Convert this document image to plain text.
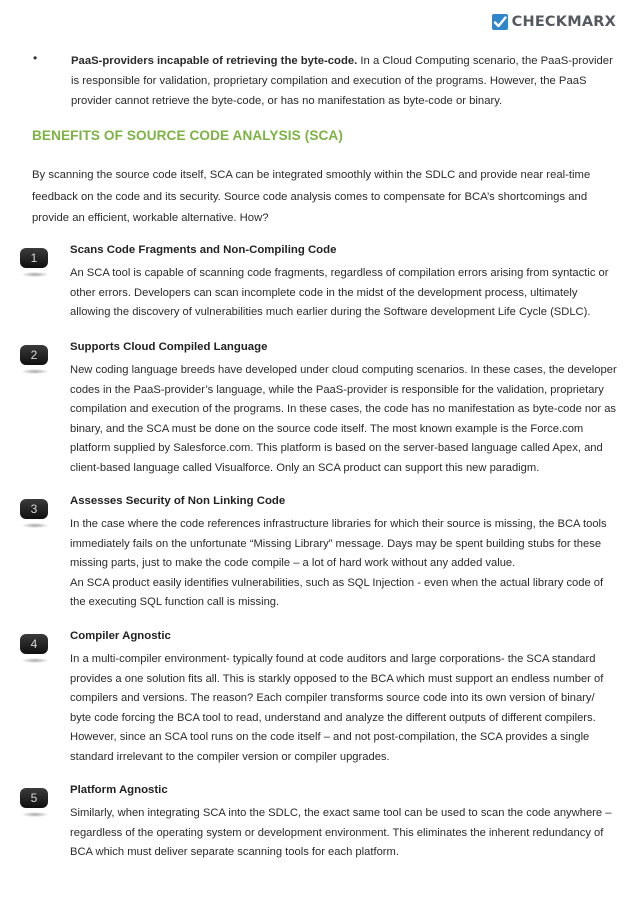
CHECKMARX
•	PaaS-providers incapable of retrieving the byte-code. In a Cloud Computing scenario, the PaaS-provider is responsible for validation, proprietary compilation and execution of the programs. However, the PaaS provider cannot retrieve the byte-code, or has no manifestation as byte-code or binary.
BENEFITS OF SOURCE CODE ANALYSIS (SCA)
By scanning the source code itself, SCA can be integrated smoothly within the SDLC and provide near real-time feedback on the code and its security. Source code analysis comes to compensate for BCA’s shortcomings and provide an efficient, workable alternative. How?
1
Scans Code Fragments and Non-Compiling Code
An SCA tool is capable of scanning code fragments, regardless of compilation errors arising from syntactic or other errors. Developers can scan incomplete code in the midst of the development process, ultimately allowing the discovery of vulnerabilities much earlier during the Software development Life Cycle (SDLC).
2
Supports Cloud Compiled Language
New coding language breeds have developed under cloud computing scenarios. In these cases, the developer codes in the PaaS-provider’s language, while the PaaS-provider is responsible for the validation, proprietary compilation and execution of the programs. In these cases, the code has no manifestation as byte-code nor as binary, and the SCA must be done on the source code itself. The most known example is the Force.com platform supplied by Salesforce.com. This platform is based on the server-based language called Apex, and client-based language called Visualforce. Only an SCA product can support this new paradigm.
3
Assesses Security of Non Linking Code
In the case where the code references infrastructure libraries for which their source is missing, the BCA tools immediately fails on the unfortunate “Missing Library” message. Days may be spent building stubs for these missing parts, just to make the code compile – a lot of hard work without any added value.
An SCA product easily identifies vulnerabilities, such as SQL Injection - even when the actual library code of the executing SQL function call is missing.
4
Compiler Agnostic
In a multi-compiler environment- typically found at code auditors and large corporations- the SCA standard provides a one solution fits all. This is starkly opposed to the BCA which must support an endless number of compilers and versions. The reason? Each compiler transforms source code into its own version of binary/ byte code forcing the BCA tool to read, understand and analyze the different outputs of different compilers. However, since an SCA tool runs on the code itself – and not post-compilation, the SCA provides a single standard irrelevant to the compiler version or compiler upgrades.
5
Platform Agnostic
Similarly, when integrating SCA into the SDLC, the exact same tool can be used to scan the code anywhere – regardless of the operating system or development environment. This eliminates the inherent redundancy of BCA which must deliver separate scanning tools for each platform.
